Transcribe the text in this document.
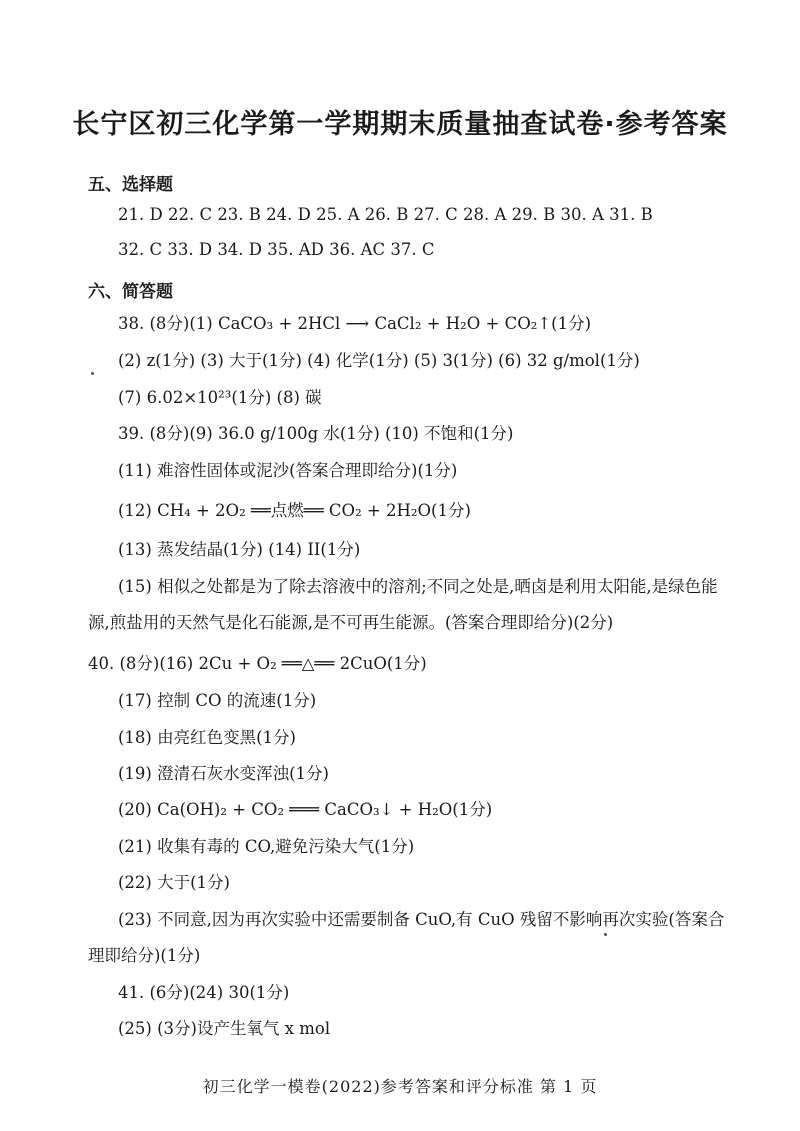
长宁区初三化学第一学期期末质量抽查试卷·参考答案
五、选择题
21. D 22. C 23. B 24. D 25. A 26. B 27. C 28. A 29. B 30. A 31. B
32. C 33. D 34. D 35. AD 36. AC 37. C
六、简答题
38. (8分)(1) CaCO₃ + 2HCl ⟶ CaCl₂ + H₂O + CO₂↑(1分)
(2) z(1分) (3) 大于(1分) (4) 化学(1分) (5) 3(1分) (6) 32 g/mol(1分)
(7) 6.02×10²³(1分) (8) 碳
39. (8分)(9) 36.0 g/100g 水(1分) (10) 不饱和(1分)
(11) 难溶性固体或泥沙(答案合理即给分)(1分)
(12) CH₄ + 2O₂ ══点燃══ CO₂ + 2H₂O(1分)
(13) 蒸发结晶(1分) (14) II(1分)
(15) 相似之处都是为了除去溶液中的溶剂;不同之处是,晒卤是利用太阳能,是绿色能
源,煎盐用的天然气是化石能源,是不可再生能源。(答案合理即给分)(2分)
40. (8分)(16) 2Cu + O₂ ══△══ 2CuO(1分)
(17) 控制 CO 的流速(1分)
(18) 由亮红色变黑(1分)
(19) 澄清石灰水变浑浊(1分)
(20) Ca(OH)₂ + CO₂ ═══ CaCO₃↓ + H₂O(1分)
(21) 收集有毒的 CO,避免污染大气(1分)
(22) 大于(1分)
(23) 不同意,因为再次实验中还需要制备 CuO,有 CuO 残留不影响再次实验(答案合
理即给分)(1分)
41. (6分)(24) 30(1分)
(25) (3分)设产生氧气 x mol
初三化学一模卷(2022)参考答案和评分标准 第 1 页
